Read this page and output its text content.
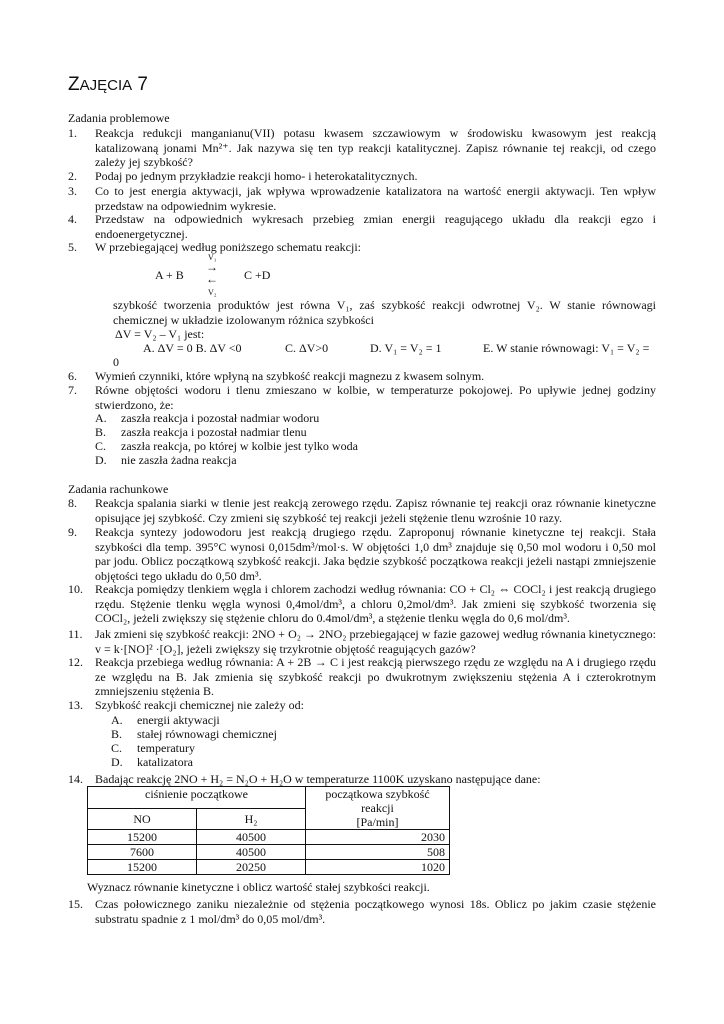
ZAJĘCIA 7
Zadania problemowe
1. Reakcja redukcji manganianu(VII) potasu kwasem szczawiowym w środowisku kwasowym jest reakcją katalizowaną jonami Mn²⁺. Jak nazywa się ten typ reakcji katalitycznej. Zapisz równanie tej reakcji, od czego zależy jej szybkość?
2. Podaj po jednym przykładzie reakcji homo- i heterokatalitycznych.
3. Co to jest energia aktywacji, jak wpływa wprowadzenie katalizatora na wartość energii aktywacji. Ten wpływ przedstaw na odpowiednim wykresie.
4. Przedstaw na odpowiednich wykresach przebieg zmian energii reagującego układu dla reakcji egzo i endoenergetycznej.
5. W przebiegającej według poniższego schematu reakcji:
A + B
V₁
→
←
V₂
C +D
szybkość tworzenia produktów jest równa V₁, zaś szybkość reakcji odwrotnej V₂. W stanie równowagi chemicznej w układzie izolowanym różnica szybkości
ΔV = V₂ – V₁ jest:
A. ΔV = 0 B. ΔV <0	C. ΔV>0	D. V₁ = V₂ = 1	E. W stanie równowagi: V₁ = V₂ =
0
6. Wymień czynniki, które wpłyną na szybkość reakcji magnezu z kwasem solnym.
7. Równe objętości wodoru i tlenu zmieszano w kolbie, w temperaturze pokojowej. Po upływie jednej godziny stwierdzono, że:
A. zaszła reakcja i pozostał nadmiar wodoru
B. zaszła reakcja i pozostał nadmiar tlenu
C. zaszła reakcja, po której w kolbie jest tylko woda
D. nie zaszła żadna reakcja
Zadania rachunkowe
8. Reakcja spalania siarki w tlenie jest reakcją zerowego rzędu. Zapisz równanie tej reakcji oraz równanie kinetyczne opisujące jej szybkość. Czy zmieni się szybkość tej reakcji jeżeli stężenie tlenu wzrośnie 10 razy.
9. Reakcja syntezy jodowodoru jest reakcją drugiego rzędu. Zaproponuj równanie kinetyczne tej reakcji. Stała szybkości dla temp. 395°C wynosi 0,015dm³/mol·s. W objętości 1,0 dm³ znajduje się 0,50 mol wodoru i 0,50 mol par jodu. Oblicz początkową szybkość reakcji. Jaka będzie szybkość początkowa reakcji jeżeli nastąpi zmniejszenie objętości tego układu do 0,50 dm³.
10. Reakcja pomiędzy tlenkiem węgla i chlorem zachodzi według równania: CO + Cl₂ ⇔ COCl₂ i jest reakcją drugiego rzędu. Stężenie tlenku węgla wynosi 0,4mol/dm³, a chloru 0,2mol/dm³. Jak zmieni się szybkość tworzenia się COCl₂, jeżeli zwiększy się stężenie chloru do 0.4mol/dm³, a stężenie tlenku węgla do 0,6 mol/dm³.
11. Jak zmieni się szybkość reakcji: 2NO + O₂ → 2NO₂ przebiegającej w fazie gazowej według równania kinetycznego: v = k·[NO]² ·[O₂], jeżeli zwiększy się trzykrotnie objętość reagujących gazów?
12. Reakcja przebiega według równania: A + 2B → C i jest reakcją pierwszego rzędu ze względu na A i drugiego rzędu ze względu na B. Jak zmienia się szybkość reakcji po dwukrotnym zwiększeniu stężenia A i czterokrotnym zmniejszeniu stężenia B.
13. Szybkość reakcji chemicznej nie zależy od:
A. energii aktywacji
B. stałej równowagi chemicznej
C. temperatury
D. katalizatora
14. Badając reakcję 2NO + H₂ = N₂O + H₂O w temperaturze 1100K uzyskano następujące dane:
ciśnienie początkowe		początkowa szybkość reakcji
[Pa/min]
NO	H₂	
15200	40500	2030
7600	40500	508
15200	20250	1020
Wyznacz równanie kinetyczne i oblicz wartość stałej szybkości reakcji.
15. Czas połowicznego zaniku niezależnie od stężenia początkowego wynosi 18s. Oblicz po jakim czasie stężenie substratu spadnie z 1 mol/dm³ do 0,05 mol/dm³.
